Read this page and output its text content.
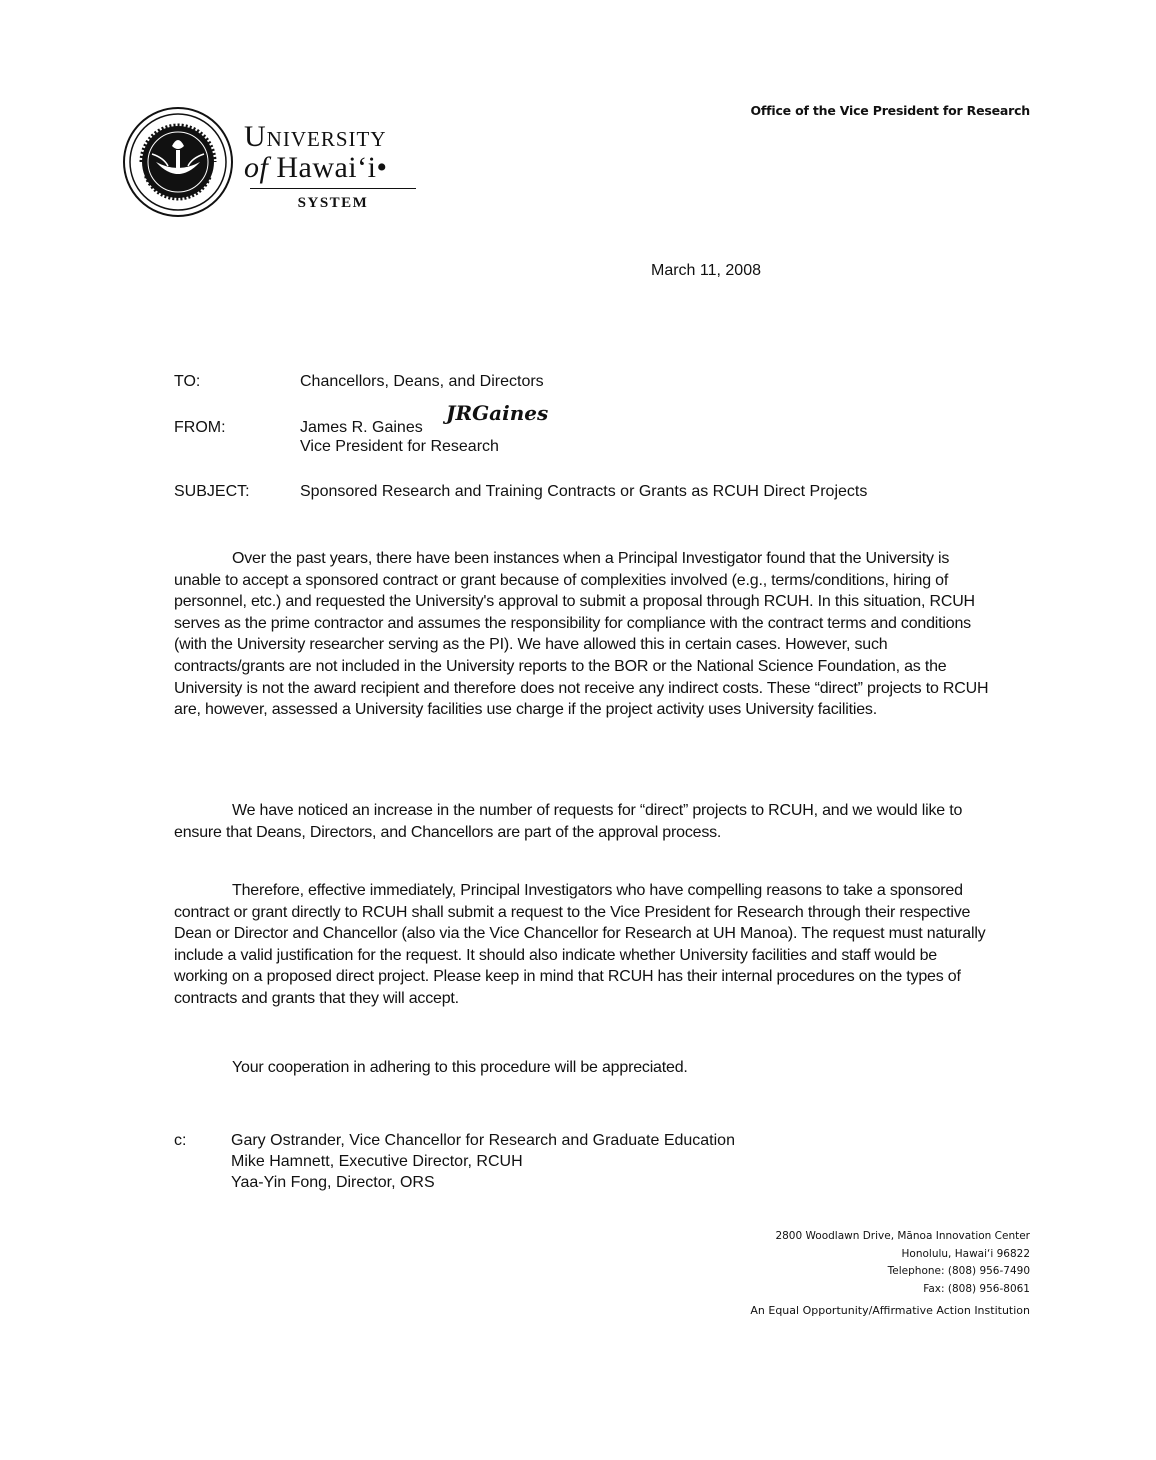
Office of the Vice President for Research
University
of Hawai‘i•
SYSTEM
March 11, 2008
TO:	Chancellors, Deans, and Directors
FROM:	James R. Gaines
JRGaines
Vice President for Research
SUBJECT:	Sponsored Research and Training Contracts or Grants as RCUH Direct Projects

Over the past years, there have been instances when a Principal Investigator found that the University is unable to accept a sponsored contract or grant because of complexities involved (e.g., terms/conditions, hiring of personnel, etc.) and requested the University's approval to submit a proposal through RCUH. In this situation, RCUH serves as the prime contractor and assumes the responsibility for compliance with the contract terms and conditions (with the University researcher serving as the PI). We have allowed this in certain cases. However, such contracts/grants are not included in the University reports to the BOR or the National Science Foundation, as the University is not the award recipient and therefore does not receive any indirect costs. These “direct” projects to RCUH are, however, assessed a University facilities use charge if the project activity uses University facilities.

We have noticed an increase in the number of requests for “direct” projects to RCUH, and we would like to ensure that Deans, Directors, and Chancellors are part of the approval process.

Therefore, effective immediately, Principal Investigators who have compelling reasons to take a sponsored contract or grant directly to RCUH shall submit a request to the Vice President for Research through their respective Dean or Director and Chancellor (also via the Vice Chancellor for Research at UH Manoa). The request must naturally include a valid justification for the request. It should also indicate whether University facilities and staff would be working on a proposed direct project. Please keep in mind that RCUH has their internal procedures on the types of contracts and grants that they will accept.

Your cooperation in adhering to this procedure will be appreciated.

c:	Gary Ostrander, Vice Chancellor for Research and Graduate Education
Mike Hamnett, Executive Director, RCUH
Yaa-Yin Fong, Director, ORS
2800 Woodlawn Drive, Mānoa Innovation Center
Honolulu, Hawai‘i 96822
Telephone: (808) 956-7490
Fax: (808) 956-8061
An Equal Opportunity/Affirmative Action Institution
